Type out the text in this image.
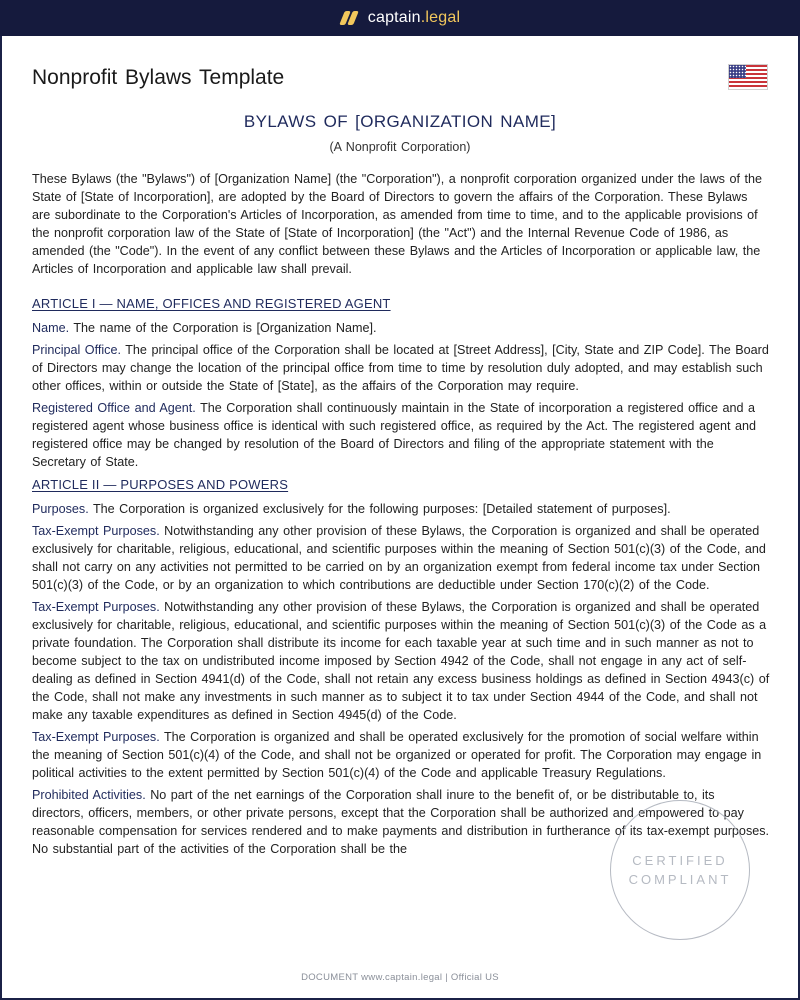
captain.legal
Nonprofit Bylaws Template
BYLAWS OF [ORGANIZATION NAME]
(A Nonprofit Corporation)

These Bylaws (the "Bylaws") of [Organization Name] (the "Corporation"), a nonprofit corporation organized under the laws of the State of [State of Incorporation], are adopted by the Board of Directors to govern the affairs of the Corporation. These Bylaws are subordinate to the Corporation's Articles of Incorporation, as amended from time to time, and to the applicable provisions of the nonprofit corporation law of the State of [State of Incorporation] (the "Act") and the Internal Revenue Code of 1986, as amended (the "Code"). In the event of any conflict between these Bylaws and the Articles of Incorporation or applicable law, the Articles of Incorporation and applicable law shall prevail.

ARTICLE I — NAME, OFFICES AND REGISTERED AGENT

Name. The name of the Corporation is [Organization Name].

Principal Office. The principal office of the Corporation shall be located at [Street Address], [City, State and ZIP Code]. The Board of Directors may change the location of the principal office from time to time by resolution duly adopted, and may establish such other offices, within or outside the State of [State], as the affairs of the Corporation may require.

Registered Office and Agent. The Corporation shall continuously maintain in the State of incorporation a registered office and a registered agent whose business office is identical with such registered office, as required by the Act. The registered agent and registered office may be changed by resolution of the Board of Directors and filing of the appropriate statement with the Secretary of State.

ARTICLE II — PURPOSES AND POWERS

Purposes. The Corporation is organized exclusively for the following purposes: [Detailed statement of purposes].

Tax-Exempt Purposes. Notwithstanding any other provision of these Bylaws, the Corporation is organized and shall be operated exclusively for charitable, religious, educational, and scientific purposes within the meaning of Section 501(c)(3) of the Code, and shall not carry on any activities not permitted to be carried on by an organization exempt from federal income tax under Section 501(c)(3) of the Code, or by an organization to which contributions are deductible under Section 170(c)(2) of the Code.

Tax-Exempt Purposes. Notwithstanding any other provision of these Bylaws, the Corporation is organized and shall be operated exclusively for charitable, religious, educational, and scientific purposes within the meaning of Section 501(c)(3) of the Code as a private foundation. The Corporation shall distribute its income for each taxable year at such time and in such manner as not to become subject to the tax on undistributed income imposed by Section 4942 of the Code, shall not engage in any act of self-dealing as defined in Section 4941(d) of the Code, shall not retain any excess business holdings as defined in Section 4943(c) of the Code, shall not make any investments in such manner as to subject it to tax under Section 4944 of the Code, and shall not make any taxable expenditures as defined in Section 4945(d) of the Code.

Tax-Exempt Purposes. The Corporation is organized and shall be operated exclusively for the promotion of social welfare within the meaning of Section 501(c)(4) of the Code, and shall not be organized or operated for profit. The Corporation may engage in political activities to the extent permitted by Section 501(c)(4) of the Code and applicable Treasury Regulations.

Prohibited Activities. No part of the net earnings of the Corporation shall inure to the benefit of, or be distributable to, its directors, officers, members, or other private persons, except that the Corporation shall be authorized and empowered to pay reasonable compensation for services rendered and to make payments and distribution in furtherance of its tax-exempt purposes. No substantial part of the activities of the Corporation shall be the

CERTIFIED
COMPLIANT
DOCUMENT www.captain.legal | Official US
